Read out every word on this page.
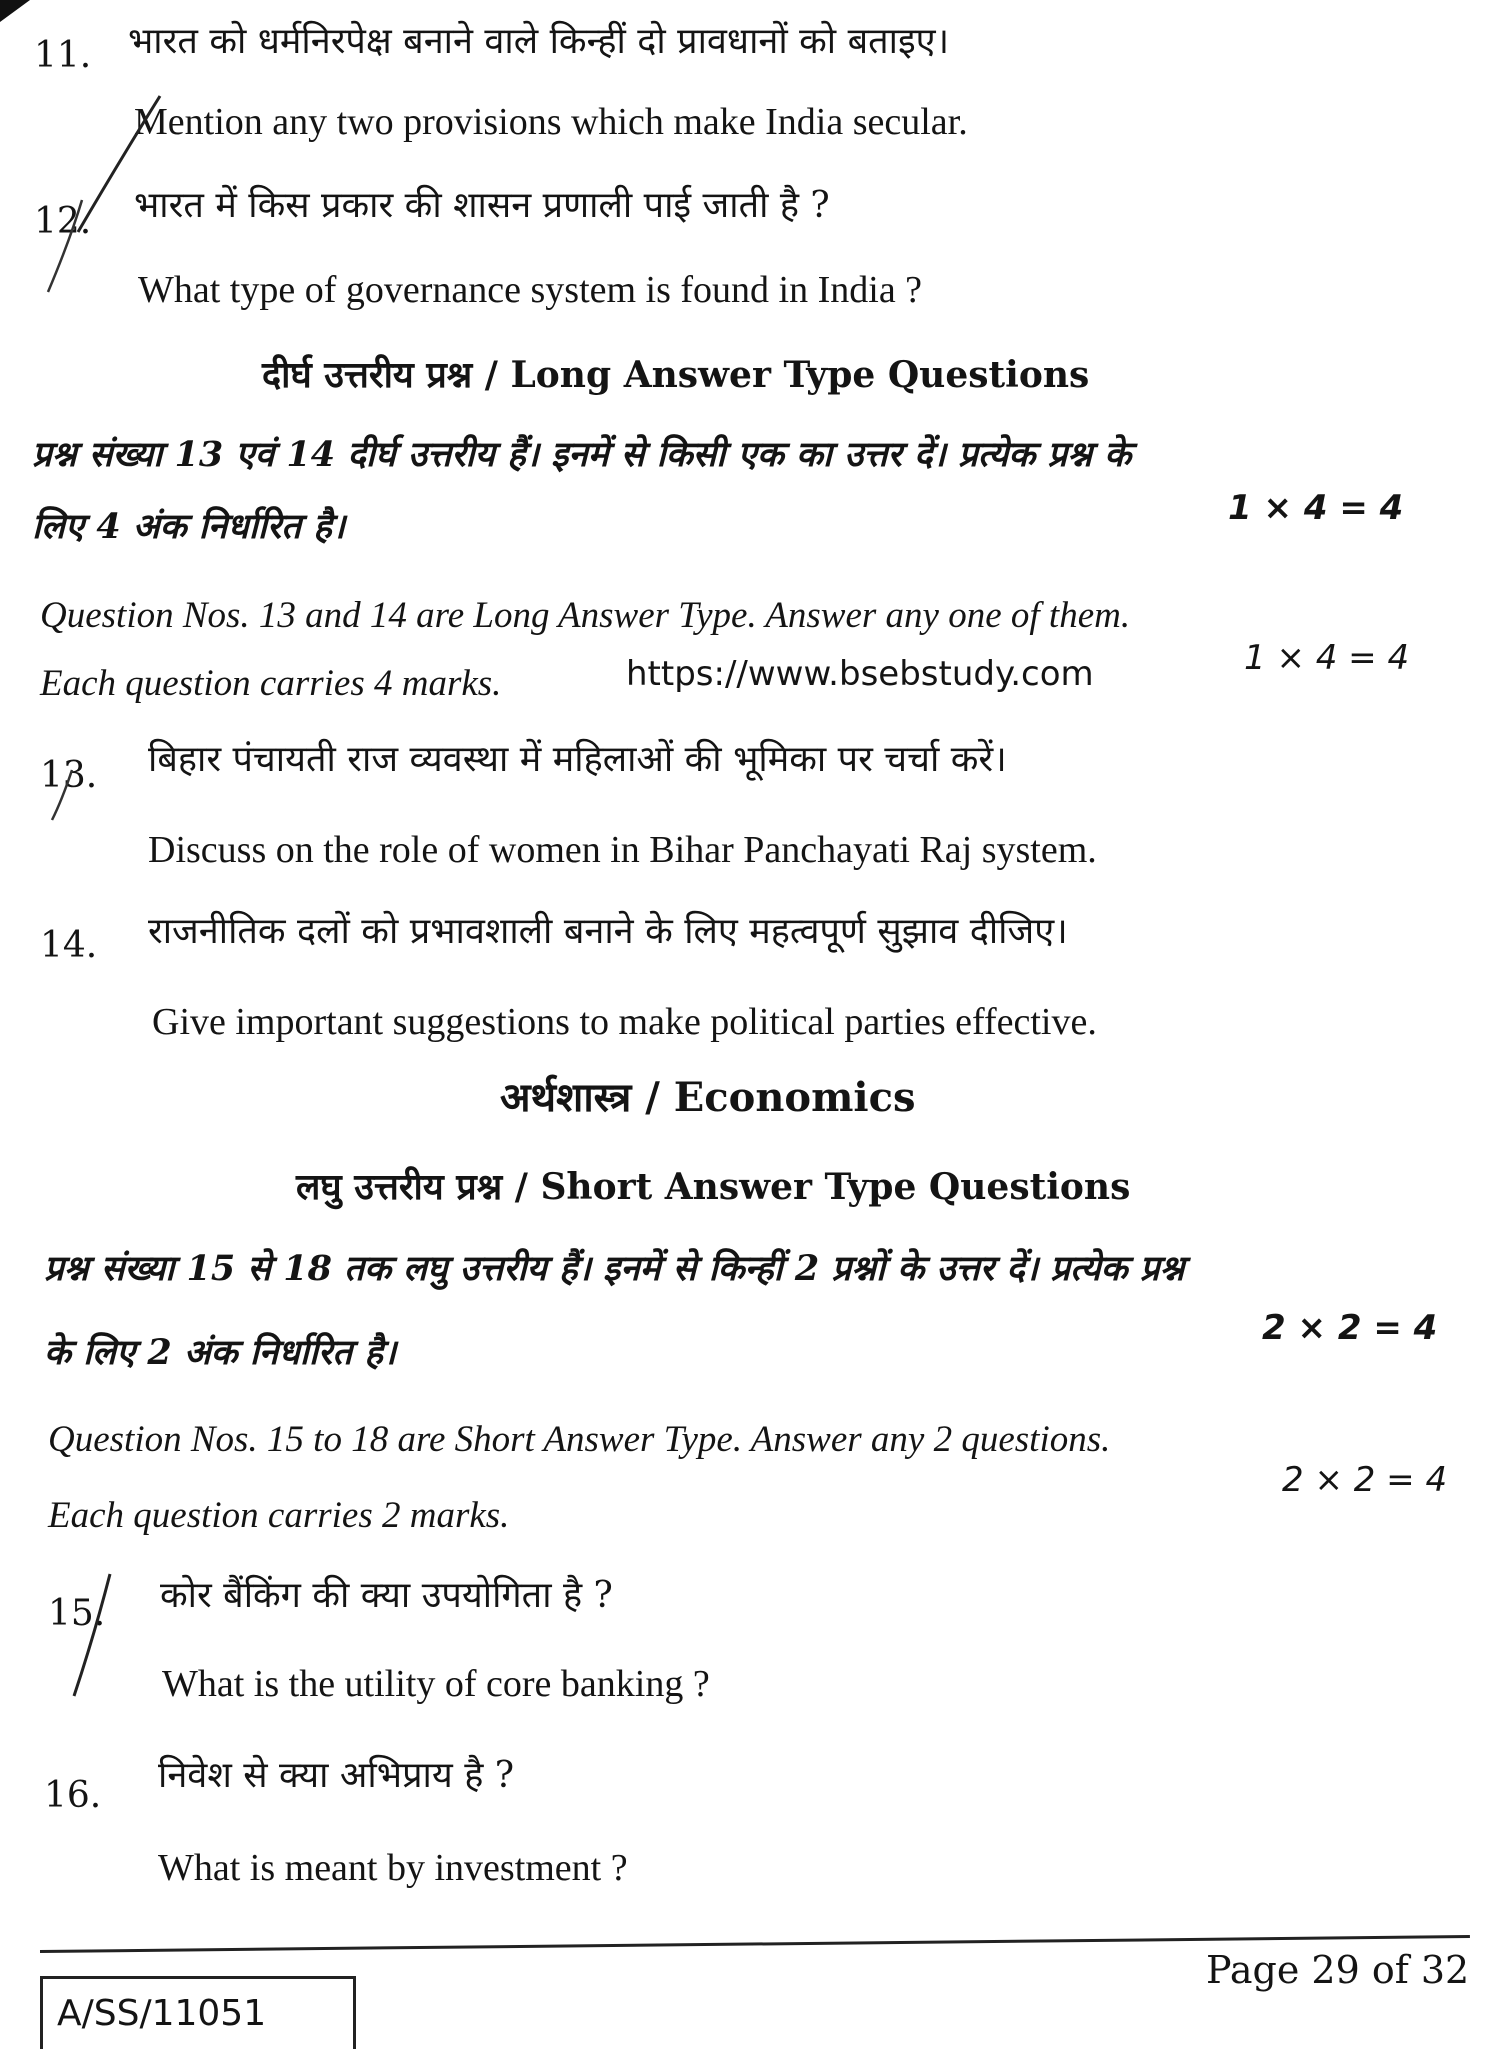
11. भारत को धर्मनिरपेक्ष बनाने वाले किन्हीं दो प्रावधानों को बताइए।
Mention any two provisions which make India secular.
12. भारत में किस प्रकार की शासन प्रणाली पाई जाती है ?
What type of governance system is found in India ?
दीर्घ उत्तरीय प्रश्न / Long Answer Type Questions
प्रश्न संख्या 13 एवं 14 दीर्घ उत्तरीय हैं। इनमें से किसी एक का उत्तर दें। प्रत्येक प्रश्न के
लिए 4 अंक निर्धारित है।	1 × 4 = 4
Question Nos. 13 and 14 are Long Answer Type. Answer any one of them.
Each question carries 4 marks.	https://www.bsebstudy.com	1 × 4 = 4
13. बिहार पंचायती राज व्यवस्था में महिलाओं की भूमिका पर चर्चा करें।
Discuss on the role of women in Bihar Panchayati Raj system.
14. राजनीतिक दलों को प्रभावशाली बनाने के लिए महत्वपूर्ण सुझाव दीजिए।
Give important suggestions to make political parties effective.
अर्थशास्त्र / Economics
लघु उत्तरीय प्रश्न / Short Answer Type Questions
प्रश्न संख्या 15 से 18 तक लघु उत्तरीय हैं। इनमें से किन्हीं 2 प्रश्नों के उत्तर दें। प्रत्येक प्रश्न
के लिए 2 अंक निर्धारित है।
2 × 2 = 4
Question Nos. 15 to 18 are Short Answer Type. Answer any 2 questions.
Each question carries 2 marks.
2 × 2 = 4
15. कोर बैंकिंग की क्या उपयोगिता है ?
What is the utility of core banking ?
16. निवेश से क्या अभिप्राय है ?
What is meant by investment ?
Page 29 of 32
A/SS/11051
